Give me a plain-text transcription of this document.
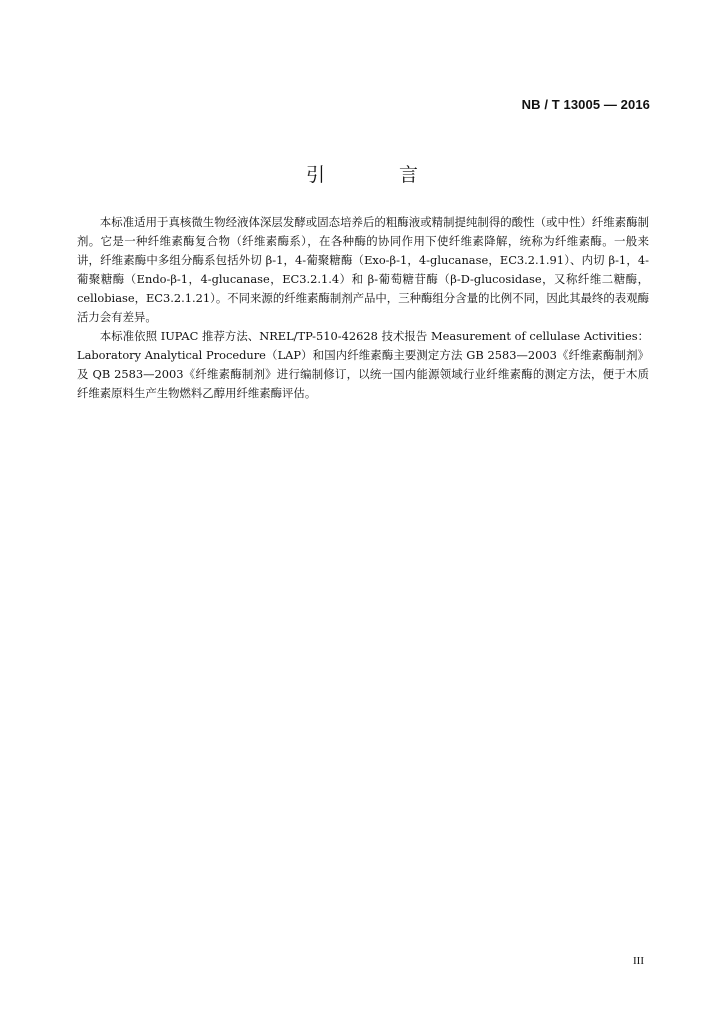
NB / T 13005 — 2016
引 言

本标准适用于真核微生物经液体深层发酵或固态培养后的粗酶液或精制提纯制得的酸性（或中性）纤维素酶制剂。它是一种纤维素酶复合物（纤维素酶系），在各种酶的协同作用下使纤维素降解，统称为纤维素酶。一般来讲，纤维素酶中多组分酶系包括外切 β-1，4-葡聚糖酶（Exo-β-1，4-glucanase，EC3.2.1.91）、内切 β-1，4-葡聚糖酶（Endo-β-1，4-glucanase，EC3.2.1.4）和 β-葡萄糖苷酶（β-D-glucosidase，又称纤维二糖酶，cellobiase，EC3.2.1.21）。不同来源的纤维素酶制剂产品中，三种酶组分含量的比例不同，因此其最终的表观酶活力会有差异。

本标准依照 IUPAC 推荐方法、NREL/TP-510-42628 技术报告 Measurement of cellulase Activities：Laboratory Analytical Procedure（LAP）和国内纤维素酶主要测定方法 GB 2583—2003《纤维素酶制剂》及 QB 2583—2003《纤维素酶制剂》进行编制修订，以统一国内能源领域行业纤维素酶的测定方法，便于木质纤维素原料生产生物燃料乙醇用纤维素酶评估。

III
